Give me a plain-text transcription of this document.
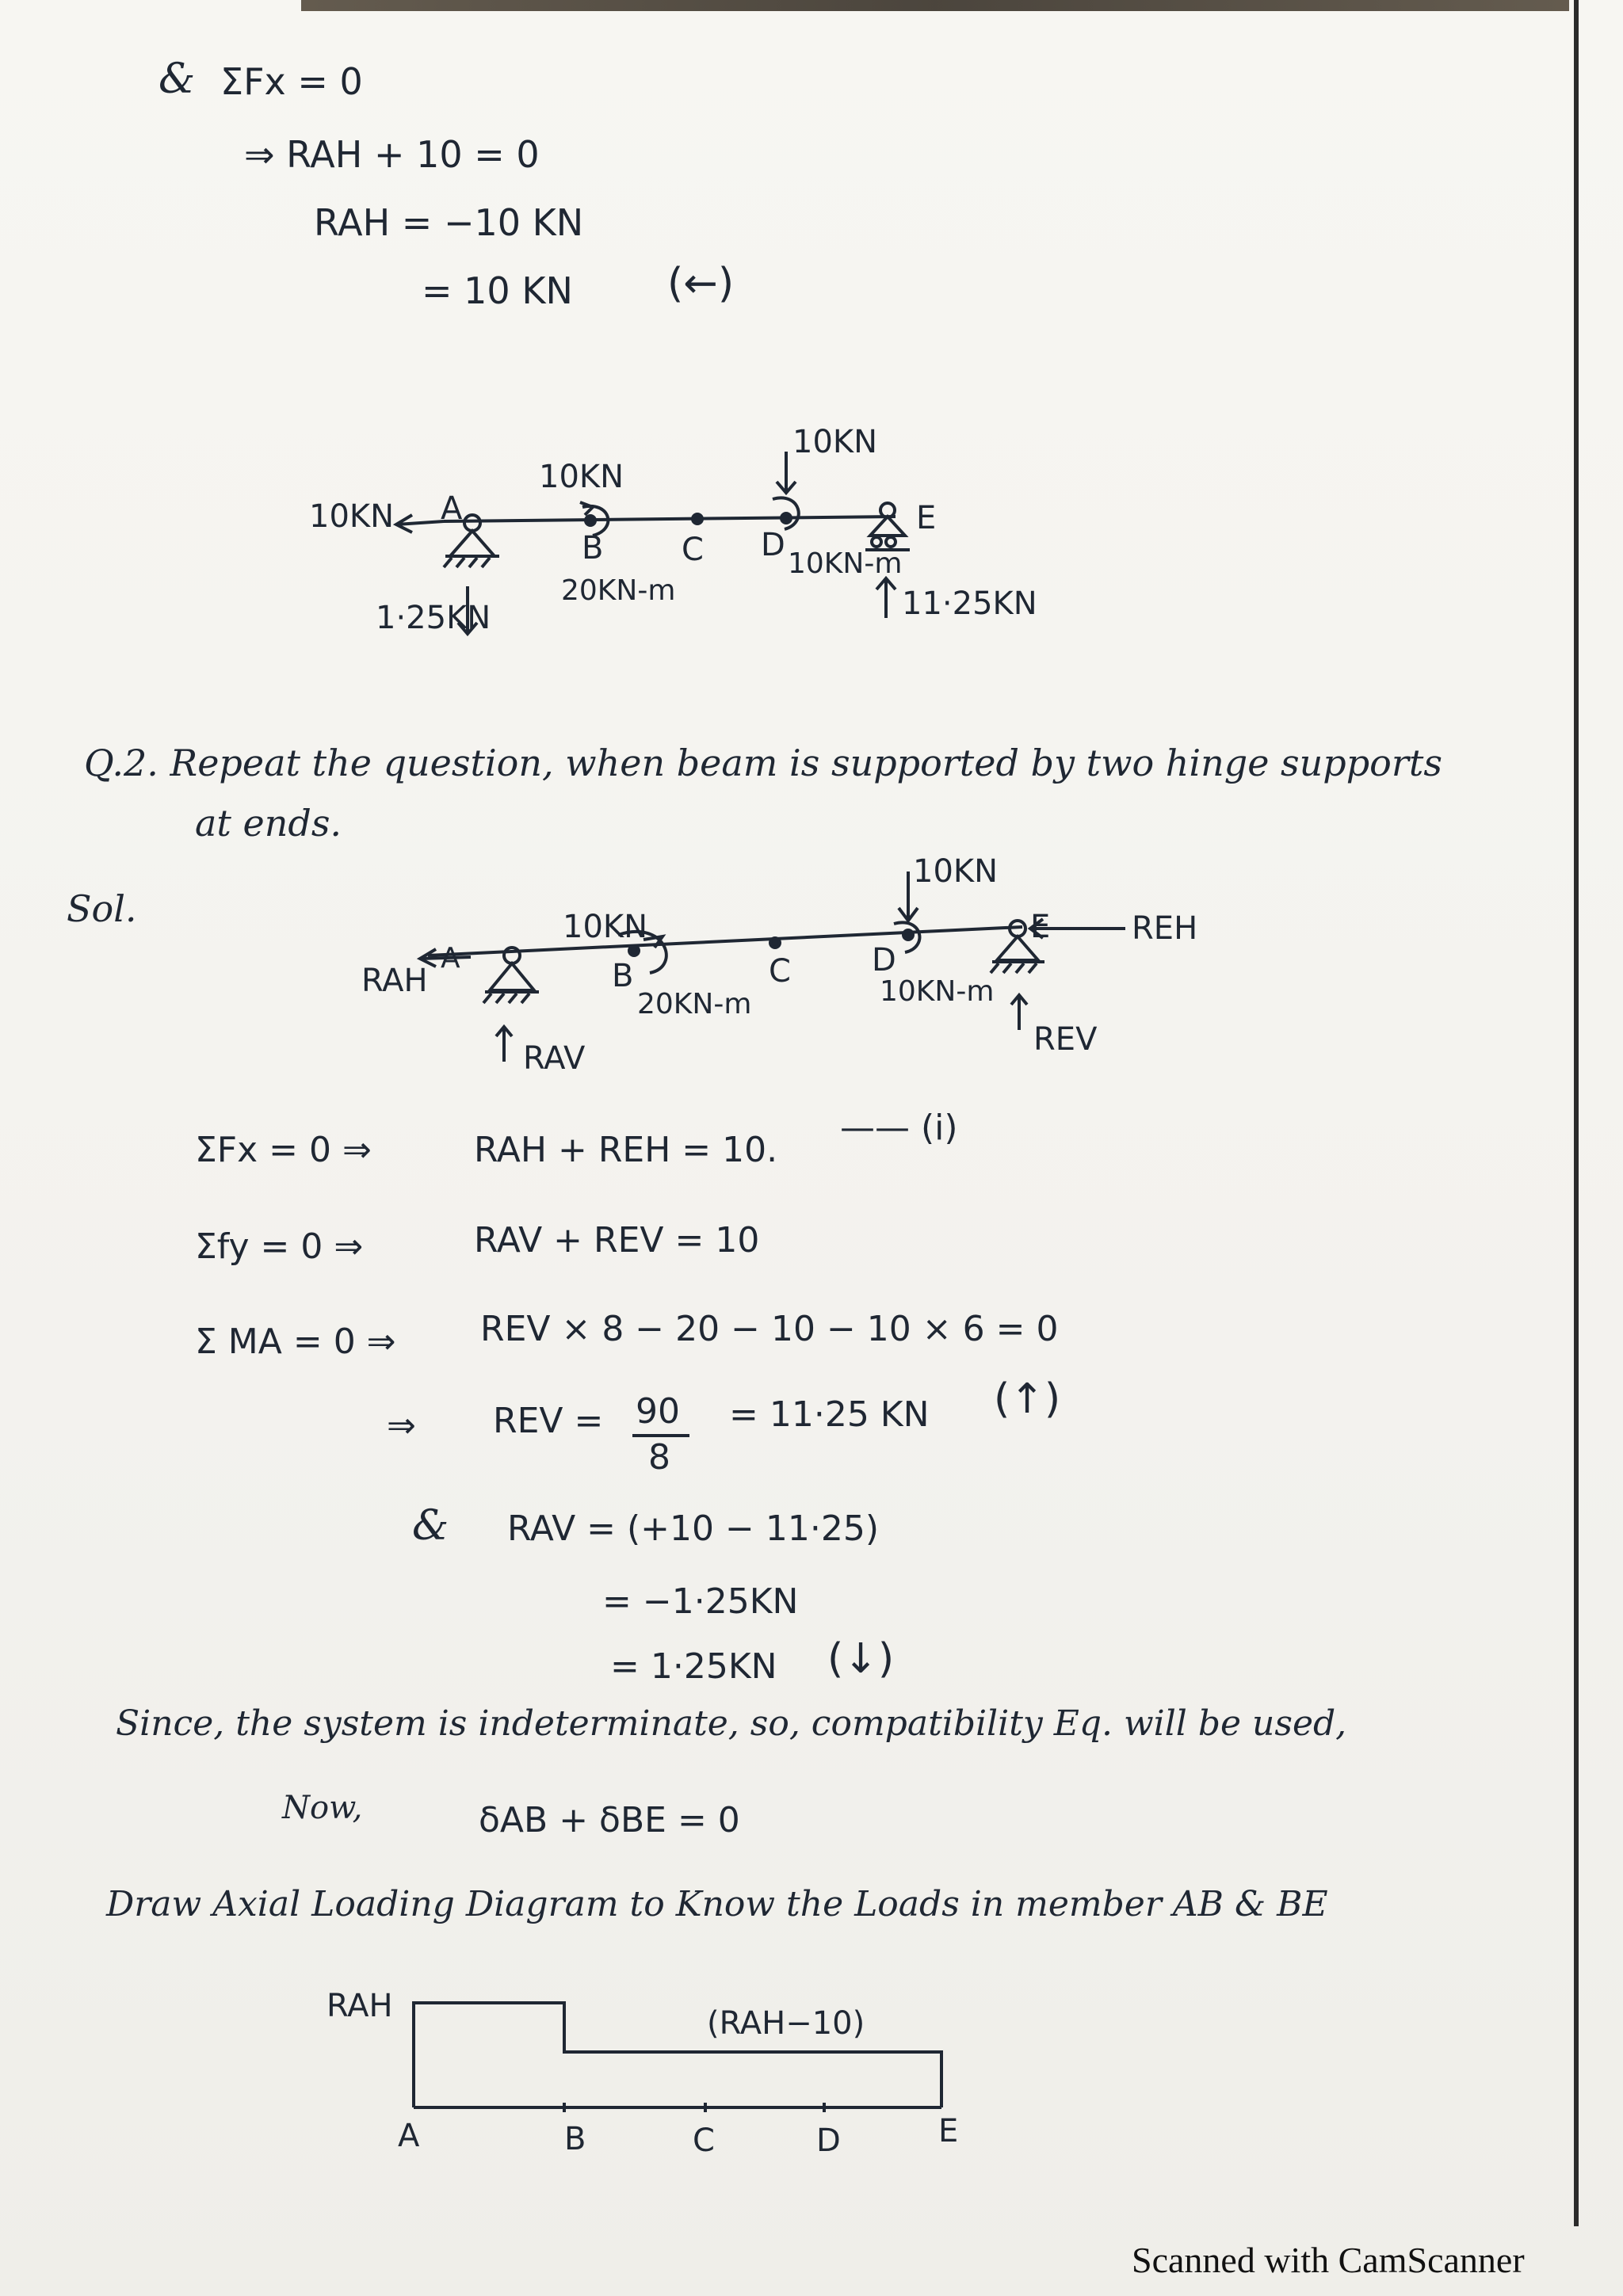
& ΣFx = 0
⇒ RAH + 10 = 0
RAH = −10 KN
= 10 KN (←)
10KN A
10KN
B C D
10KN
E
20KN-m
10KN-m
1·25KN	11·25KN
Q.2. Repeat the question, when beam is supported by two hinge supports
at ends.
Sol.
RAH
A
10KN
B	C	D
10KN
E	REH
20KN-m	10KN-m
RAV
REV
ΣFx = 0 ⇒	RAH + REH = 10.
—— (i)
Σfy = 0 ⇒	RAV + REV = 10
Σ MA = 0 ⇒ REV × 8 − 20 − 10 − 10 × 6 = 0
⇒ REV = 90
8
= 11·25 KN (↑)
& RAV = (+10 − 11·25)
= −1·25KN
= 1·25KN (↓)
Since, the system is indeterminate, so, compatibility Eq. will be used,
Now,	δAB + δBE = 0
Draw Axial Loading Diagram to Know the Loads in member AB & BE
RAH	(RAH−10)
A	B	C	D	E
Scanned with CamScanner
